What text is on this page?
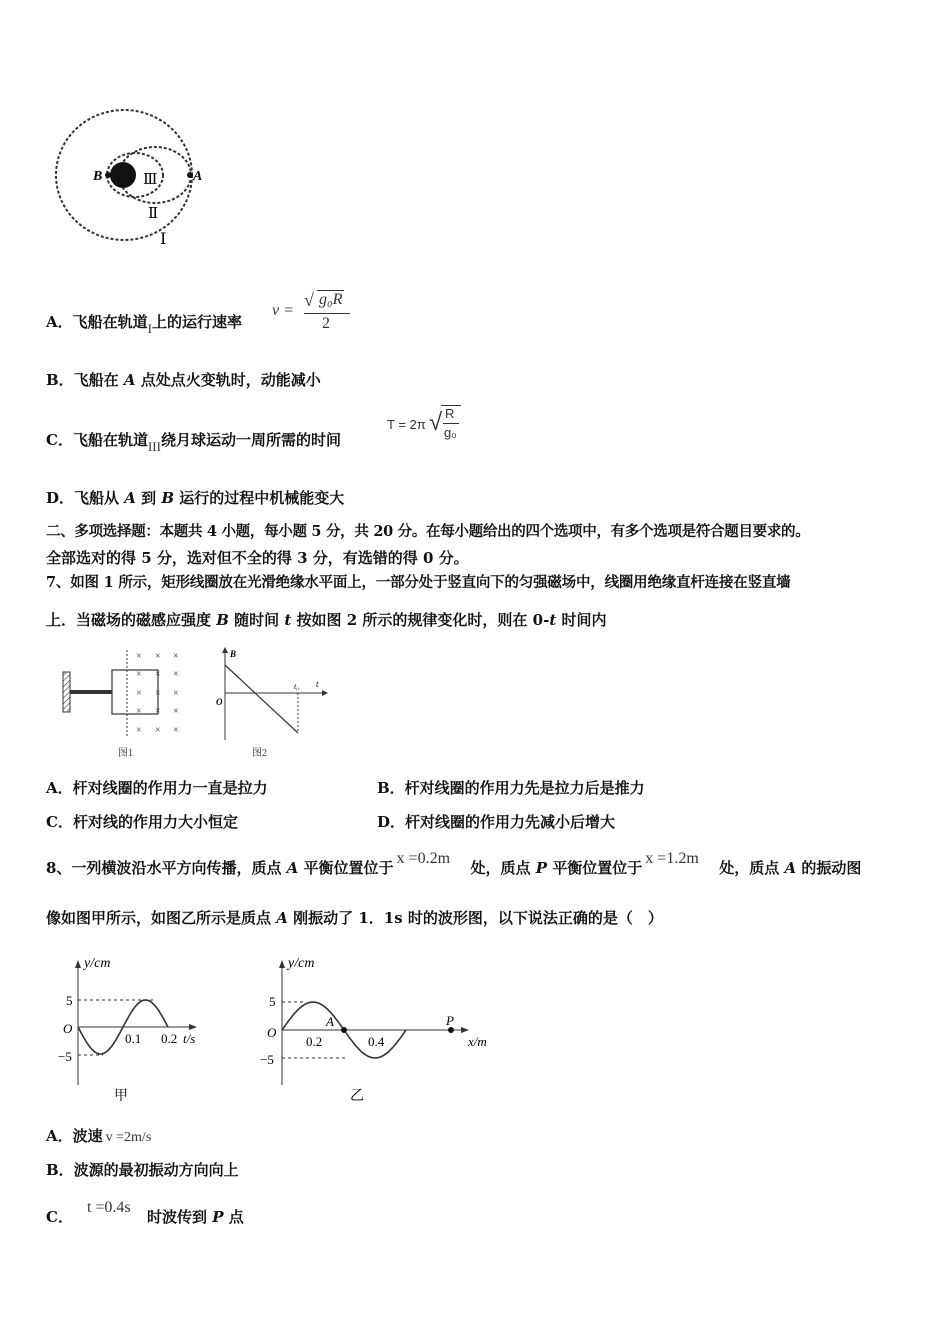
B	A
Ⅲ
Ⅱ
Ⅰ
A．飞船在轨道I上的运行速率
v =
√ g₀R
2
B．飞船在 A 点处点火变轨时，动能减小
C．飞船在轨道III绕月球运动一周所需的时间
T = 2π √ R
g₀
D．飞船从 A 到 B 运行的过程中机械能变大
二、多项选择题：本题共 4 小题，每小题 5 分，共 20 分。在每小题给出的四个选项中，有多个选项是符合题目要求的。
全部选对的得 5 分，选对但不全的得 3 分，有选错的得 0 分。
7、如图 1 所示，矩形线圈放在光滑绝缘水平面上，一部分处于竖直向下的匀强磁场中，线圈用绝缘直杆连接在竖直墙
上．当磁场的磁感应强度 B 随时间 t 按如图 2 所示的规律变化时，则在 0-t 时间内
× × ×
× × ×
× × ×
× × ×
× × ×
图1
B
O
t
t₀
图2
A．杆对线圈的作用力一直是拉力	B．杆对线圈的作用力先是拉力后是推力
C．杆对线的作用力大小恒定	D．杆对线圈的作用力先减小后增大
8、一列横波沿水平方向传播，质点 A 平衡位置位于x =0.2m处，质点 P 平衡位置位于x =1.2m处，质点 A 的振动图
像如图甲所示，如图乙所示是质点 A 刚振动了 1．1s 时的波形图，以下说法正确的是（　）
y/cm
5
−5
O
0.1 0.2 t/s
甲
y/cm
5
−5
O
A
0.2	0.4
P
x/m
乙
A．波速 v =2m/s
B．波源的最初振动方向向上
C．t =0.4s时波传到 P 点
